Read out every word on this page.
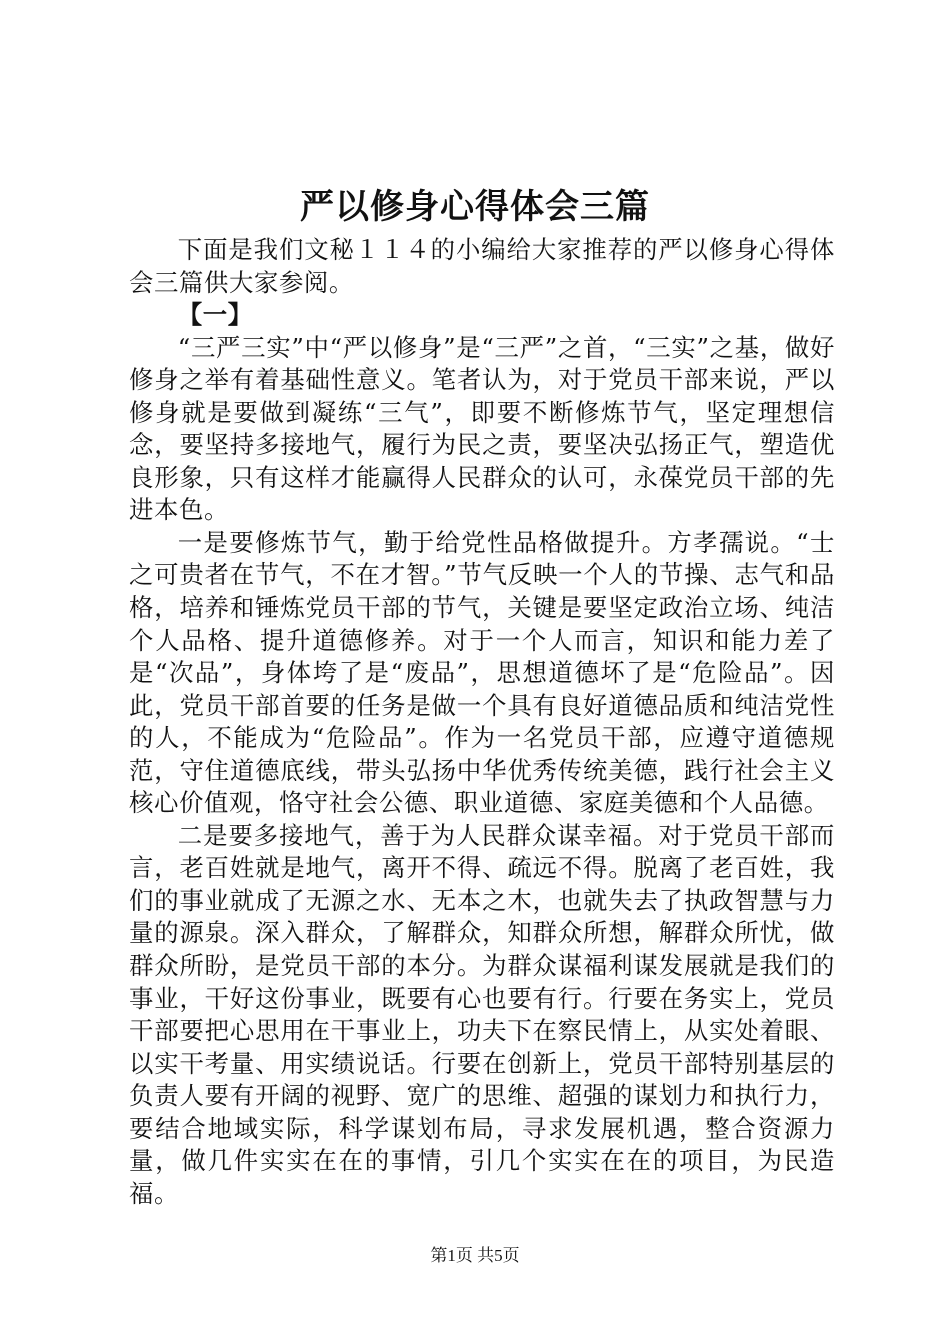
严以修身心得体会三篇

下面是我们文秘１１４的小编给大家推荐的严以修身心得体会三篇供大家参阅。

【一】

“三严三实”中“严以修身”是“三严”之首，“三实”之基，做好修身之举有着基础性意义。笔者认为，对于党员干部来说，严以修身就是要做到凝练“三气”，即要不断修炼节气，坚定理想信念，要坚持多接地气，履行为民之责，要坚决弘扬正气，塑造优良形象，只有这样才能赢得人民群众的认可，永葆党员干部的先进本色。

一是要修炼节气，勤于给党性品格做提升。方孝孺说。“士之可贵者在节气，不在才智。”节气反映一个人的节操、志气和品格，培养和锤炼党员干部的节气，关键是要坚定政治立场、纯洁个人品格、提升道德修养。对于一个人而言，知识和能力差了是“次品”，身体垮了是“废品”，思想道德坏了是“危险品”。因此，党员干部首要的任务是做一个具有良好道德品质和纯洁党性的人，不能成为“危险品”。作为一名党员干部，应遵守道德规范，守住道德底线，带头弘扬中华优秀传统美德，践行社会主义核心价值观，恪守社会公德、职业道德、家庭美德和个人品德。

二是要多接地气，善于为人民群众谋幸福。对于党员干部而言，老百姓就是地气，离开不得、疏远不得。脱离了老百姓，我们的事业就成了无源之水、无本之木，也就失去了执政智慧与力量的源泉。深入群众，了解群众，知群众所想，解群众所忧，做群众所盼，是党员干部的本分。为群众谋福利谋发展就是我们的事业，干好这份事业，既要有心也要有行。行要在务实上，党员干部要把心思用在干事业上，功夫下在察民情上，从实处着眼、以实干考量、用实绩说话。行要在创新上，党员干部特别基层的负责人要有开阔的视野、宽广的思维、超强的谋划力和执行力，要结合地域实际，科学谋划布局，寻求发展机遇，整合资源力量，做几件实实在在的事情，引几个实实在在的项目，为民造福。

第1页 共5页
